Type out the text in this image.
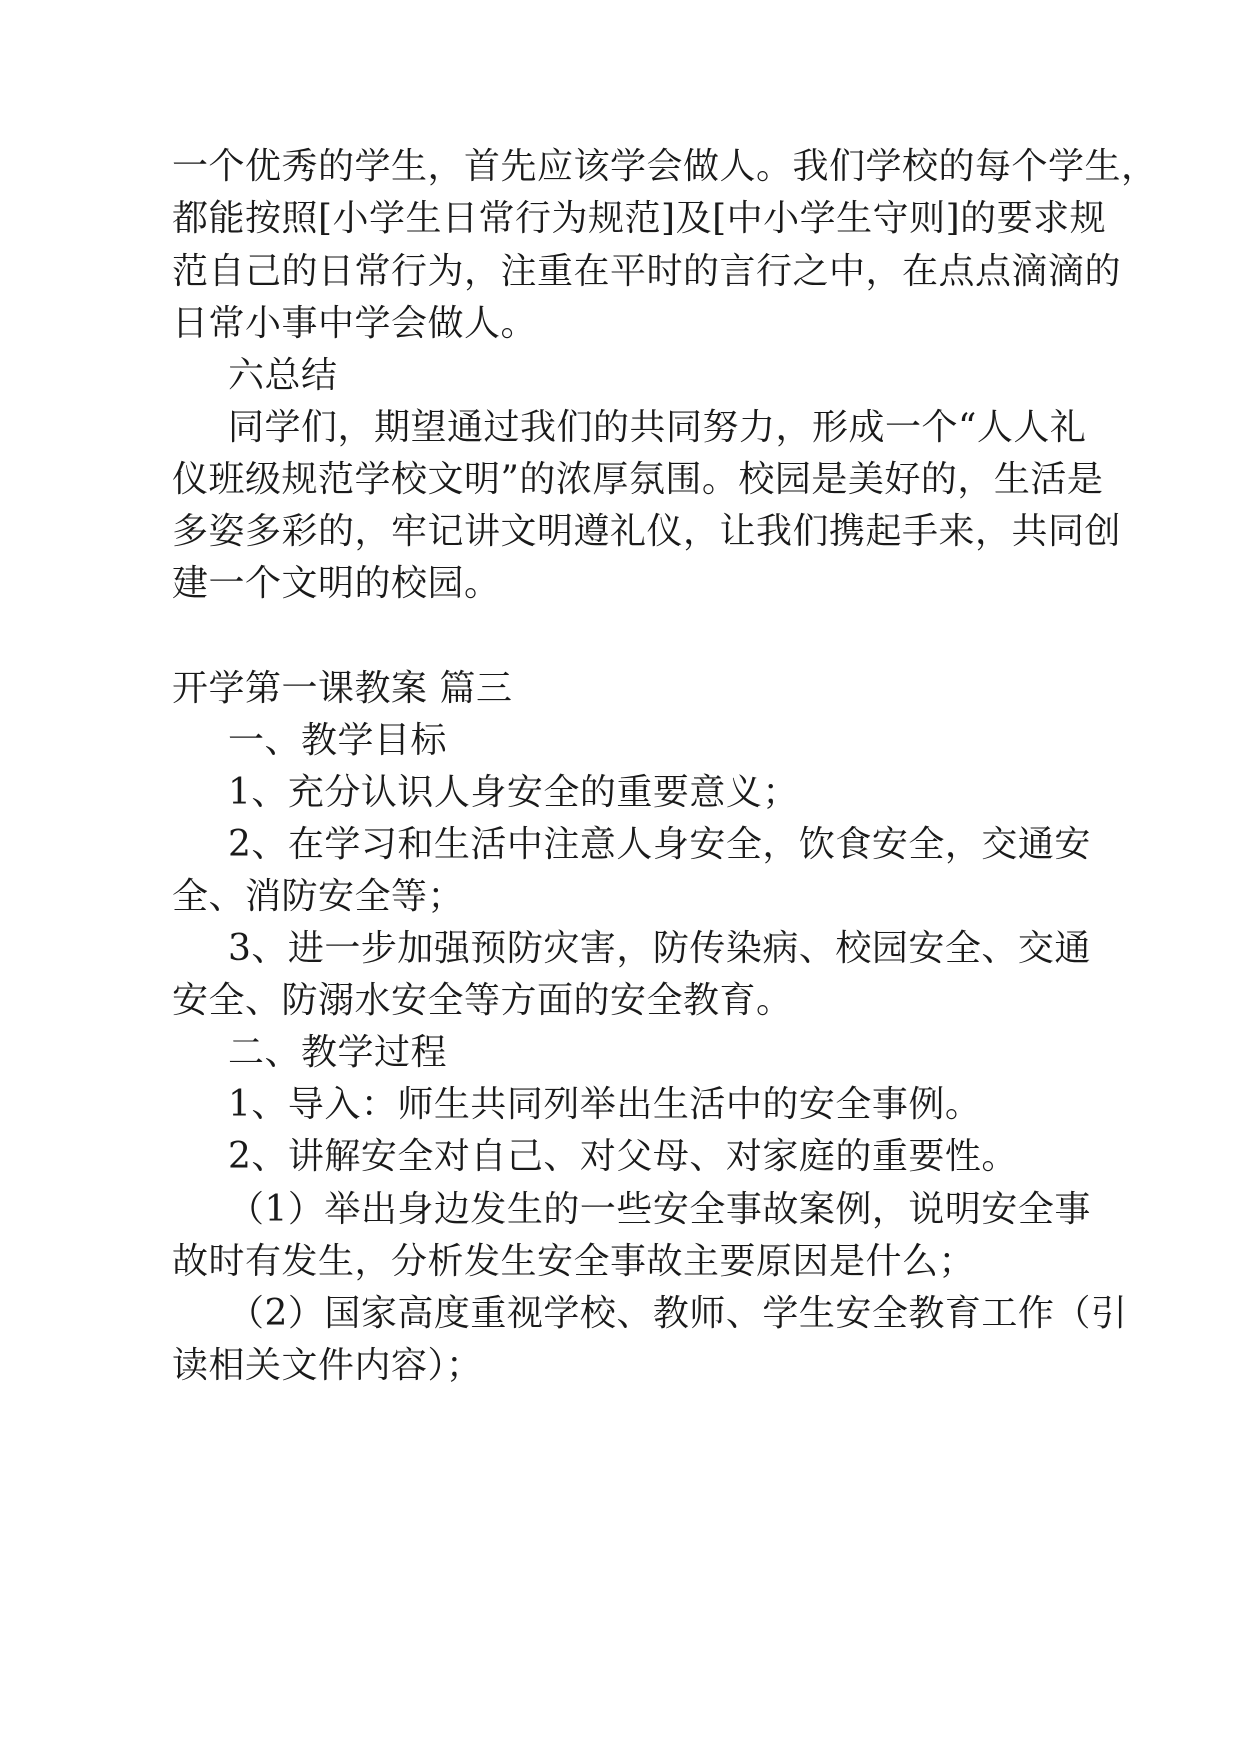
一个优秀的学生，首先应该学会做人。我们学校的每个学生，
都能按照[小学生日常行为规范]及[中小学生守则]的要求规
范自己的日常行为，注重在平时的言行之中，在点点滴滴的
日常小事中学会做人。
六总结
同学们，期望通过我们的共同努力，形成一个“人人礼
仪班级规范学校文明”的浓厚氛围。校园是美好的，生活是
多姿多彩的，牢记讲文明遵礼仪，让我们携起手来，共同创
建一个文明的校园。
开学第一课教案 篇三
一、教学目标
1、充分认识人身安全的重要意义；
2、在学习和生活中注意人身安全，饮食安全，交通安
全、消防安全等；
3、进一步加强预防灾害，防传染病、校园安全、交通
安全、防溺水安全等方面的安全教育。
二、教学过程
1、导入：师生共同列举出生活中的安全事例。
2、讲解安全对自己、对父母、对家庭的重要性。
（1）举出身边发生的一些安全事故案例，说明安全事
故时有发生，分析发生安全事故主要原因是什么；
（2）国家高度重视学校、教师、学生安全教育工作（引
读相关文件内容）；
